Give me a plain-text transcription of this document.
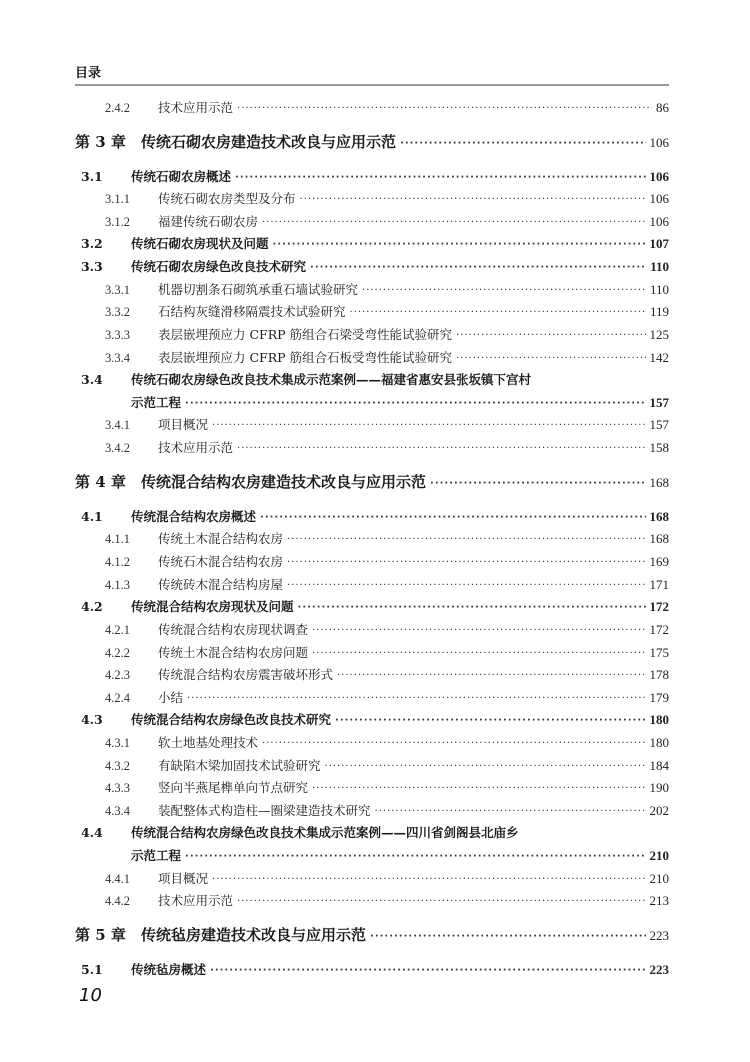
目录
2.4.2	技术应用示范 ·····	86
第 3 章	传统石砌农房建造技术改良与应用示范 ·····	106
3.1	传统石砌农房概述 ·····	106
3.1.1	传统石砌农房类型及分布 ·····	106
3.1.2	福建传统石砌农房 ·····	106
3.2	传统石砌农房现状及问题 ·····	107
3.3	传统石砌农房绿色改良技术研究 ·····	110
3.3.1	机器切割条石砌筑承重石墙试验研究 ·····	110
3.3.2	石结构灰缝滑移隔震技术试验研究 ·····	119
3.3.3	表层嵌埋预应力 CFRP 筋组合石梁受弯性能试验研究 ·····	125
3.3.4	表层嵌埋预应力 CFRP 筋组合石板受弯性能试验研究 ·····	142
3.4	传统石砌农房绿色改良技术集成示范案例——福建省惠安县张坂镇下宫村
示范工程 ·····	157
3.4.1	项目概况 ·····	157
3.4.2	技术应用示范 ·····	158
第 4 章	传统混合结构农房建造技术改良与应用示范 ·····	168
4.1	传统混合结构农房概述 ·····	168
4.1.1	传统土木混合结构农房 ·····	168
4.1.2	传统石木混合结构农房 ·····	169
4.1.3	传统砖木混合结构房屋 ·····	171
4.2	传统混合结构农房现状及问题 ·····	172
4.2.1	传统混合结构农房现状调查 ·····	172
4.2.2	传统土木混合结构农房问题 ·····	175
4.2.3	传统混合结构农房震害破坏形式 ·····	178
4.2.4	小结 ·····	179
4.3	传统混合结构农房绿色改良技术研究 ·····	180
4.3.1	软土地基处理技术 ·····	180
4.3.2	有缺陷木梁加固技术试验研究 ·····	184
4.3.3	竖向半燕尾榫单向节点研究 ·····	190
4.3.4	装配整体式构造柱—圈梁建造技术研究 ·····	202
4.4	传统混合结构农房绿色改良技术集成示范案例——四川省剑阁县北庙乡
示范工程 ·····	210
4.4.1	项目概况 ·····	210
4.4.2	技术应用示范 ·····	213
第 5 章	传统毡房建造技术改良与应用示范 ·····	223
5.1	传统毡房概述 ·····	223
10
